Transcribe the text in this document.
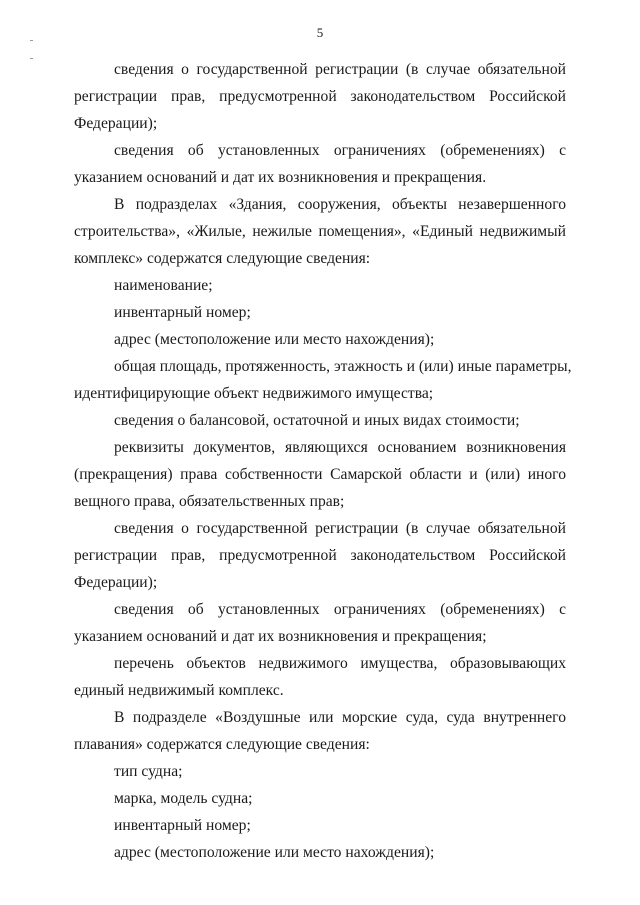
5
сведения о государственной регистрации (в случае обязательной
регистрации прав, предусмотренной законодательством Российской
Федерации);
сведения об установленных ограничениях (обременениях) с
указанием оснований и дат их возникновения и прекращения.
В подразделах «Здания, сооружения, объекты незавершенного
строительства», «Жилые, нежилые помещения», «Единый недвижимый
комплекс» содержатся следующие сведения:
наименование;
инвентарный номер;
адрес (местоположение или место нахождения);
общая площадь, протяженность, этажность и (или) иные параметры,
идентифицирующие объект недвижимого имущества;
сведения о балансовой, остаточной и иных видах стоимости;
реквизиты документов, являющихся основанием возникновения
(прекращения) права собственности Самарской области и (или) иного
вещного права, обязательственных прав;
сведения о государственной регистрации (в случае обязательной
регистрации прав, предусмотренной законодательством Российской
Федерации);
сведения об установленных ограничениях (обременениях) с
указанием оснований и дат их возникновения и прекращения;
перечень объектов недвижимого имущества, образовывающих
единый недвижимый комплекс.
В подразделе «Воздушные или морские суда, суда внутреннего
плавания» содержатся следующие сведения:
тип судна;
марка, модель судна;
инвентарный номер;
адрес (местоположение или место нахождения);
